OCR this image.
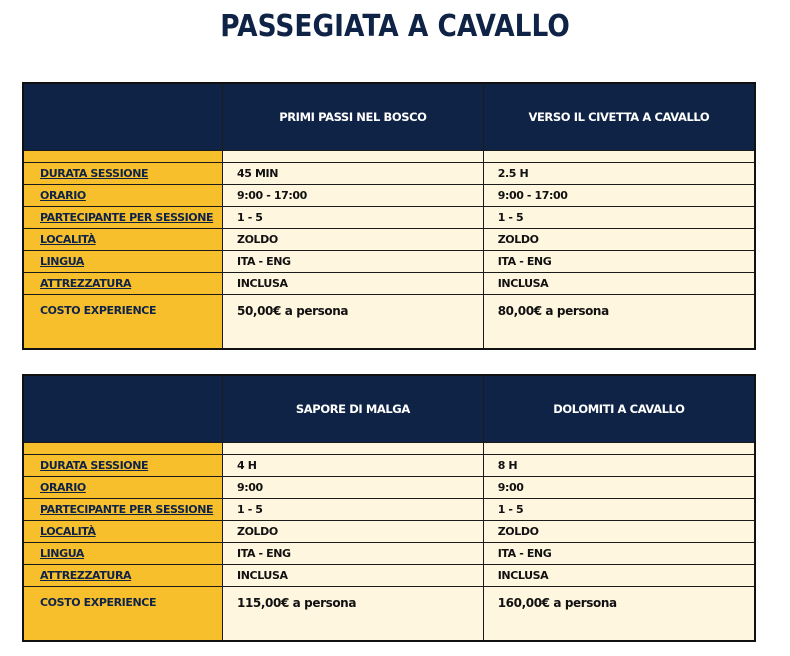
PASSEGIATA A CAVALLO
	PRIMI PASSI NEL BOSCO	VERSO IL CIVETTA A CAVALLO

DURATA SESSIONE	45 MIN	2.5 H
ORARIO	9:00 - 17:00	9:00 - 17:00
PARTECIPANTE PER SESSIONE	1 - 5	1 - 5
LOCALITÀ	ZOLDO	ZOLDO
LINGUA	ITA - ENG	ITA - ENG
ATTREZZATURA	INCLUSA	INCLUSA
COSTO EXPERIENCE	50,00€ a persona	80,00€ a persona
	SAPORE DI MALGA	DOLOMITI A CAVALLO

DURATA SESSIONE	4 H	8 H
ORARIO	9:00	9:00
PARTECIPANTE PER SESSIONE	1 - 5	1 - 5
LOCALITÀ	ZOLDO	ZOLDO
LINGUA	ITA - ENG	ITA - ENG
ATTREZZATURA	INCLUSA	INCLUSA
COSTO EXPERIENCE	115,00€ a persona	160,00€ a persona
